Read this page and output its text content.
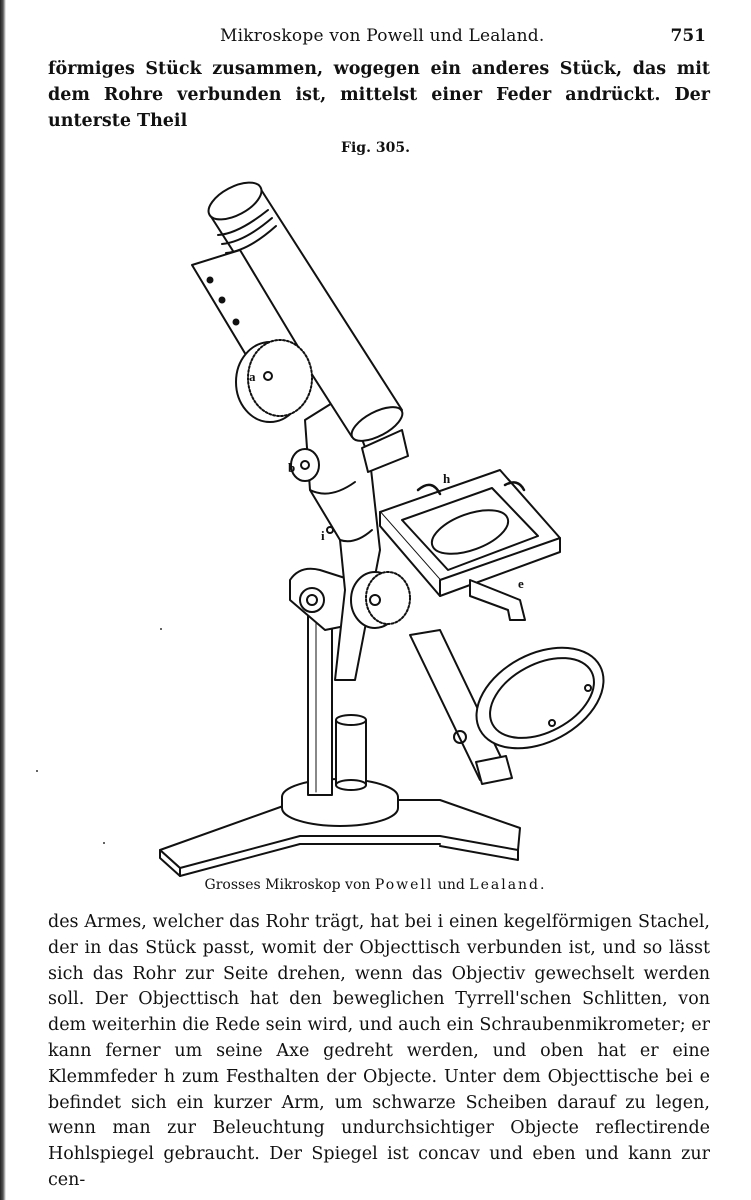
Mikroskope von Powell und Lealand.	751
förmiges Stück zusammen, wogegen ein anderes Stück, das mit dem Rohre verbunden ist, mittelst einer Feder andrückt. Der unterste Theil
Fig. 305.
a
b
i
h
e
Grosses Mikroskop von Powell und Lealand.
des Armes, welcher das Rohr trägt, hat bei i einen kegelförmigen Stachel, der in das Stück passt, womit der Objecttisch verbunden ist, und so lässt sich das Rohr zur Seite drehen, wenn das Objectiv gewechselt werden soll. Der Objecttisch hat den beweglichen Tyrrell'schen Schlitten, von dem weiterhin die Rede sein wird, und auch ein Schraubenmikrometer; er kann ferner um seine Axe gedreht werden, und oben hat er eine Klemmfeder h zum Festhalten der Objecte. Unter dem Objecttische bei e befindet sich ein kurzer Arm, um schwarze Scheiben darauf zu legen, wenn man zur Beleuchtung undurchsichtiger Objecte reflectirende Hohlspiegel gebraucht. Der Spiegel ist concav und eben und kann zur cen-
